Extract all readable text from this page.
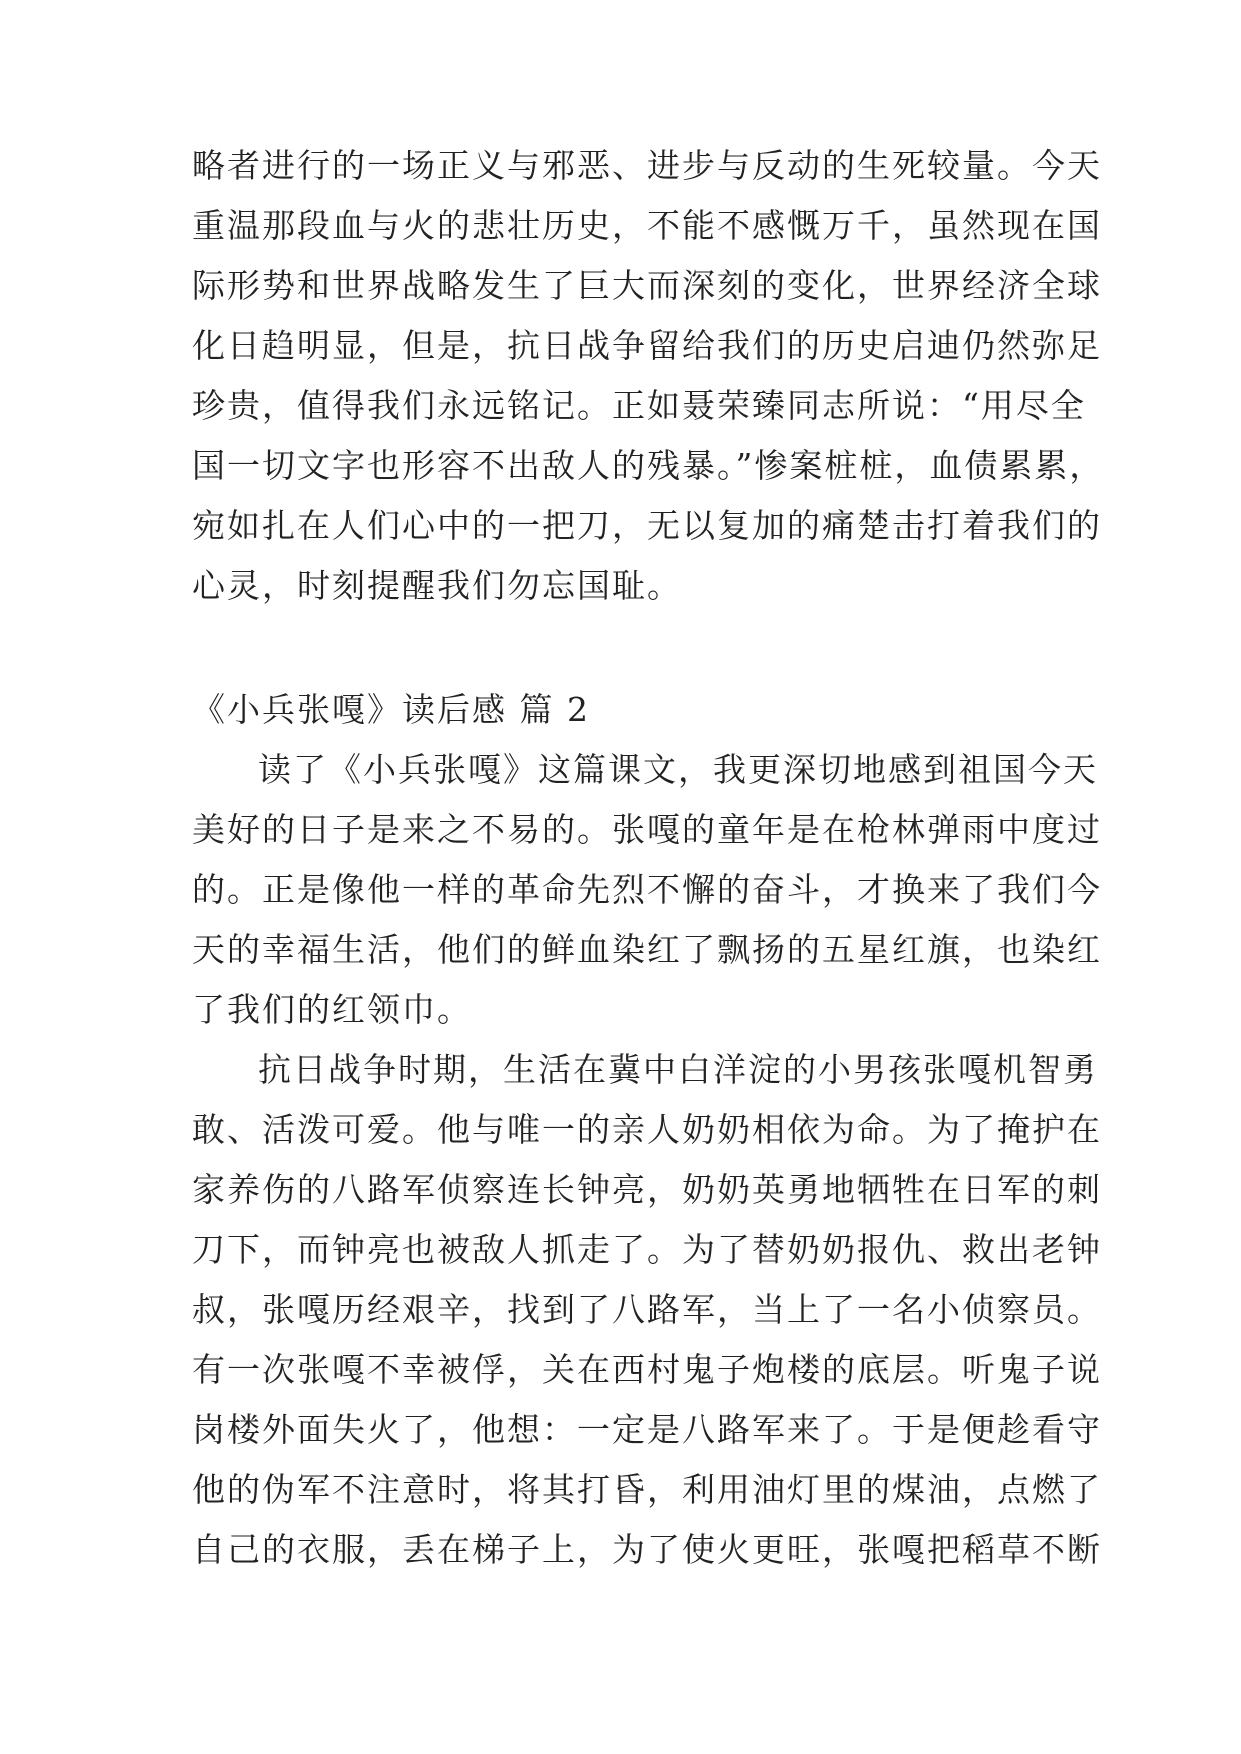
略者进行的一场正义与邪恶、进步与反动的生死较量。今天
重温那段血与火的悲壮历史，不能不感慨万千，虽然现在国
际形势和世界战略发生了巨大而深刻的变化，世界经济全球
化日趋明显，但是，抗日战争留给我们的历史启迪仍然弥足
珍贵，值得我们永远铭记。正如聂荣臻同志所说：“用尽全
国一切文字也形容不出敌人的残暴。”惨案桩桩，血债累累，
宛如扎在人们心中的一把刀，无以复加的痛楚击打着我们的
心灵，时刻提醒我们勿忘国耻。
《小兵张嘎》读后感 篇 2
读了《小兵张嘎》这篇课文，我更深切地感到祖国今天
美好的日子是来之不易的。张嘎的童年是在枪林弹雨中度过
的。正是像他一样的革命先烈不懈的奋斗，才换来了我们今
天的幸福生活，他们的鲜血染红了飘扬的五星红旗，也染红
了我们的红领巾。
抗日战争时期，生活在冀中白洋淀的小男孩张嘎机智勇
敢、活泼可爱。他与唯一的亲人奶奶相依为命。为了掩护在
家养伤的八路军侦察连长钟亮，奶奶英勇地牺牲在日军的刺
刀下，而钟亮也被敌人抓走了。为了替奶奶报仇、救出老钟
叔，张嘎历经艰辛，找到了八路军，当上了一名小侦察员。
有一次张嘎不幸被俘，关在西村鬼子炮楼的底层。听鬼子说
岗楼外面失火了，他想：一定是八路军来了。于是便趁看守
他的伪军不注意时，将其打昏，利用油灯里的煤油，点燃了
自己的衣服，丢在梯子上，为了使火更旺，张嘎把稻草不断
